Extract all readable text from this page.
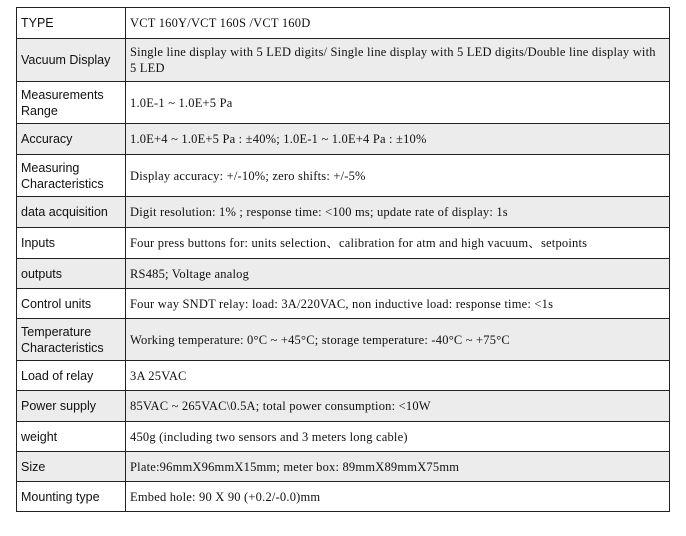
TYPE	VCT 160Y/VCT 160S /VCT 160D
Vacuum Display	Single line display with 5 LED digits/ Single line display with 5 LED digits/Double line display with 5 LED
Measurements Range	1.0E-1 ~ 1.0E+5 Pa
Accuracy	1.0E+4 ~ 1.0E+5 Pa : ±40%; 1.0E-1 ~ 1.0E+4 Pa : ±10%
Measuring Characteristics	Display accuracy: +/-10%; zero shifts: +/-5%
data acquisition	Digit resolution: 1% ; response time: <100 ms; update rate of display: 1s
Inputs	Four press buttons for: units selection、calibration for atm and high vacuum、setpoints
outputs	RS485; Voltage analog
Control units	Four way SNDT relay: load: 3A/220VAC, non inductive load: response time: <1s
Temperature Characteristics	Working temperature: 0°C ~ +45°C; storage temperature: -40°C ~ +75°C
Load of relay	3A 25VAC
Power supply	85VAC ~ 265VAC\0.5A; total power consumption: <10W
weight	450g (including two sensors and 3 meters long cable)
Size	Plate:96mmX96mmX15mm; meter box: 89mmX89mmX75mm
Mounting type	Embed hole: 90 X 90 (+0.2/-0.0)mm
